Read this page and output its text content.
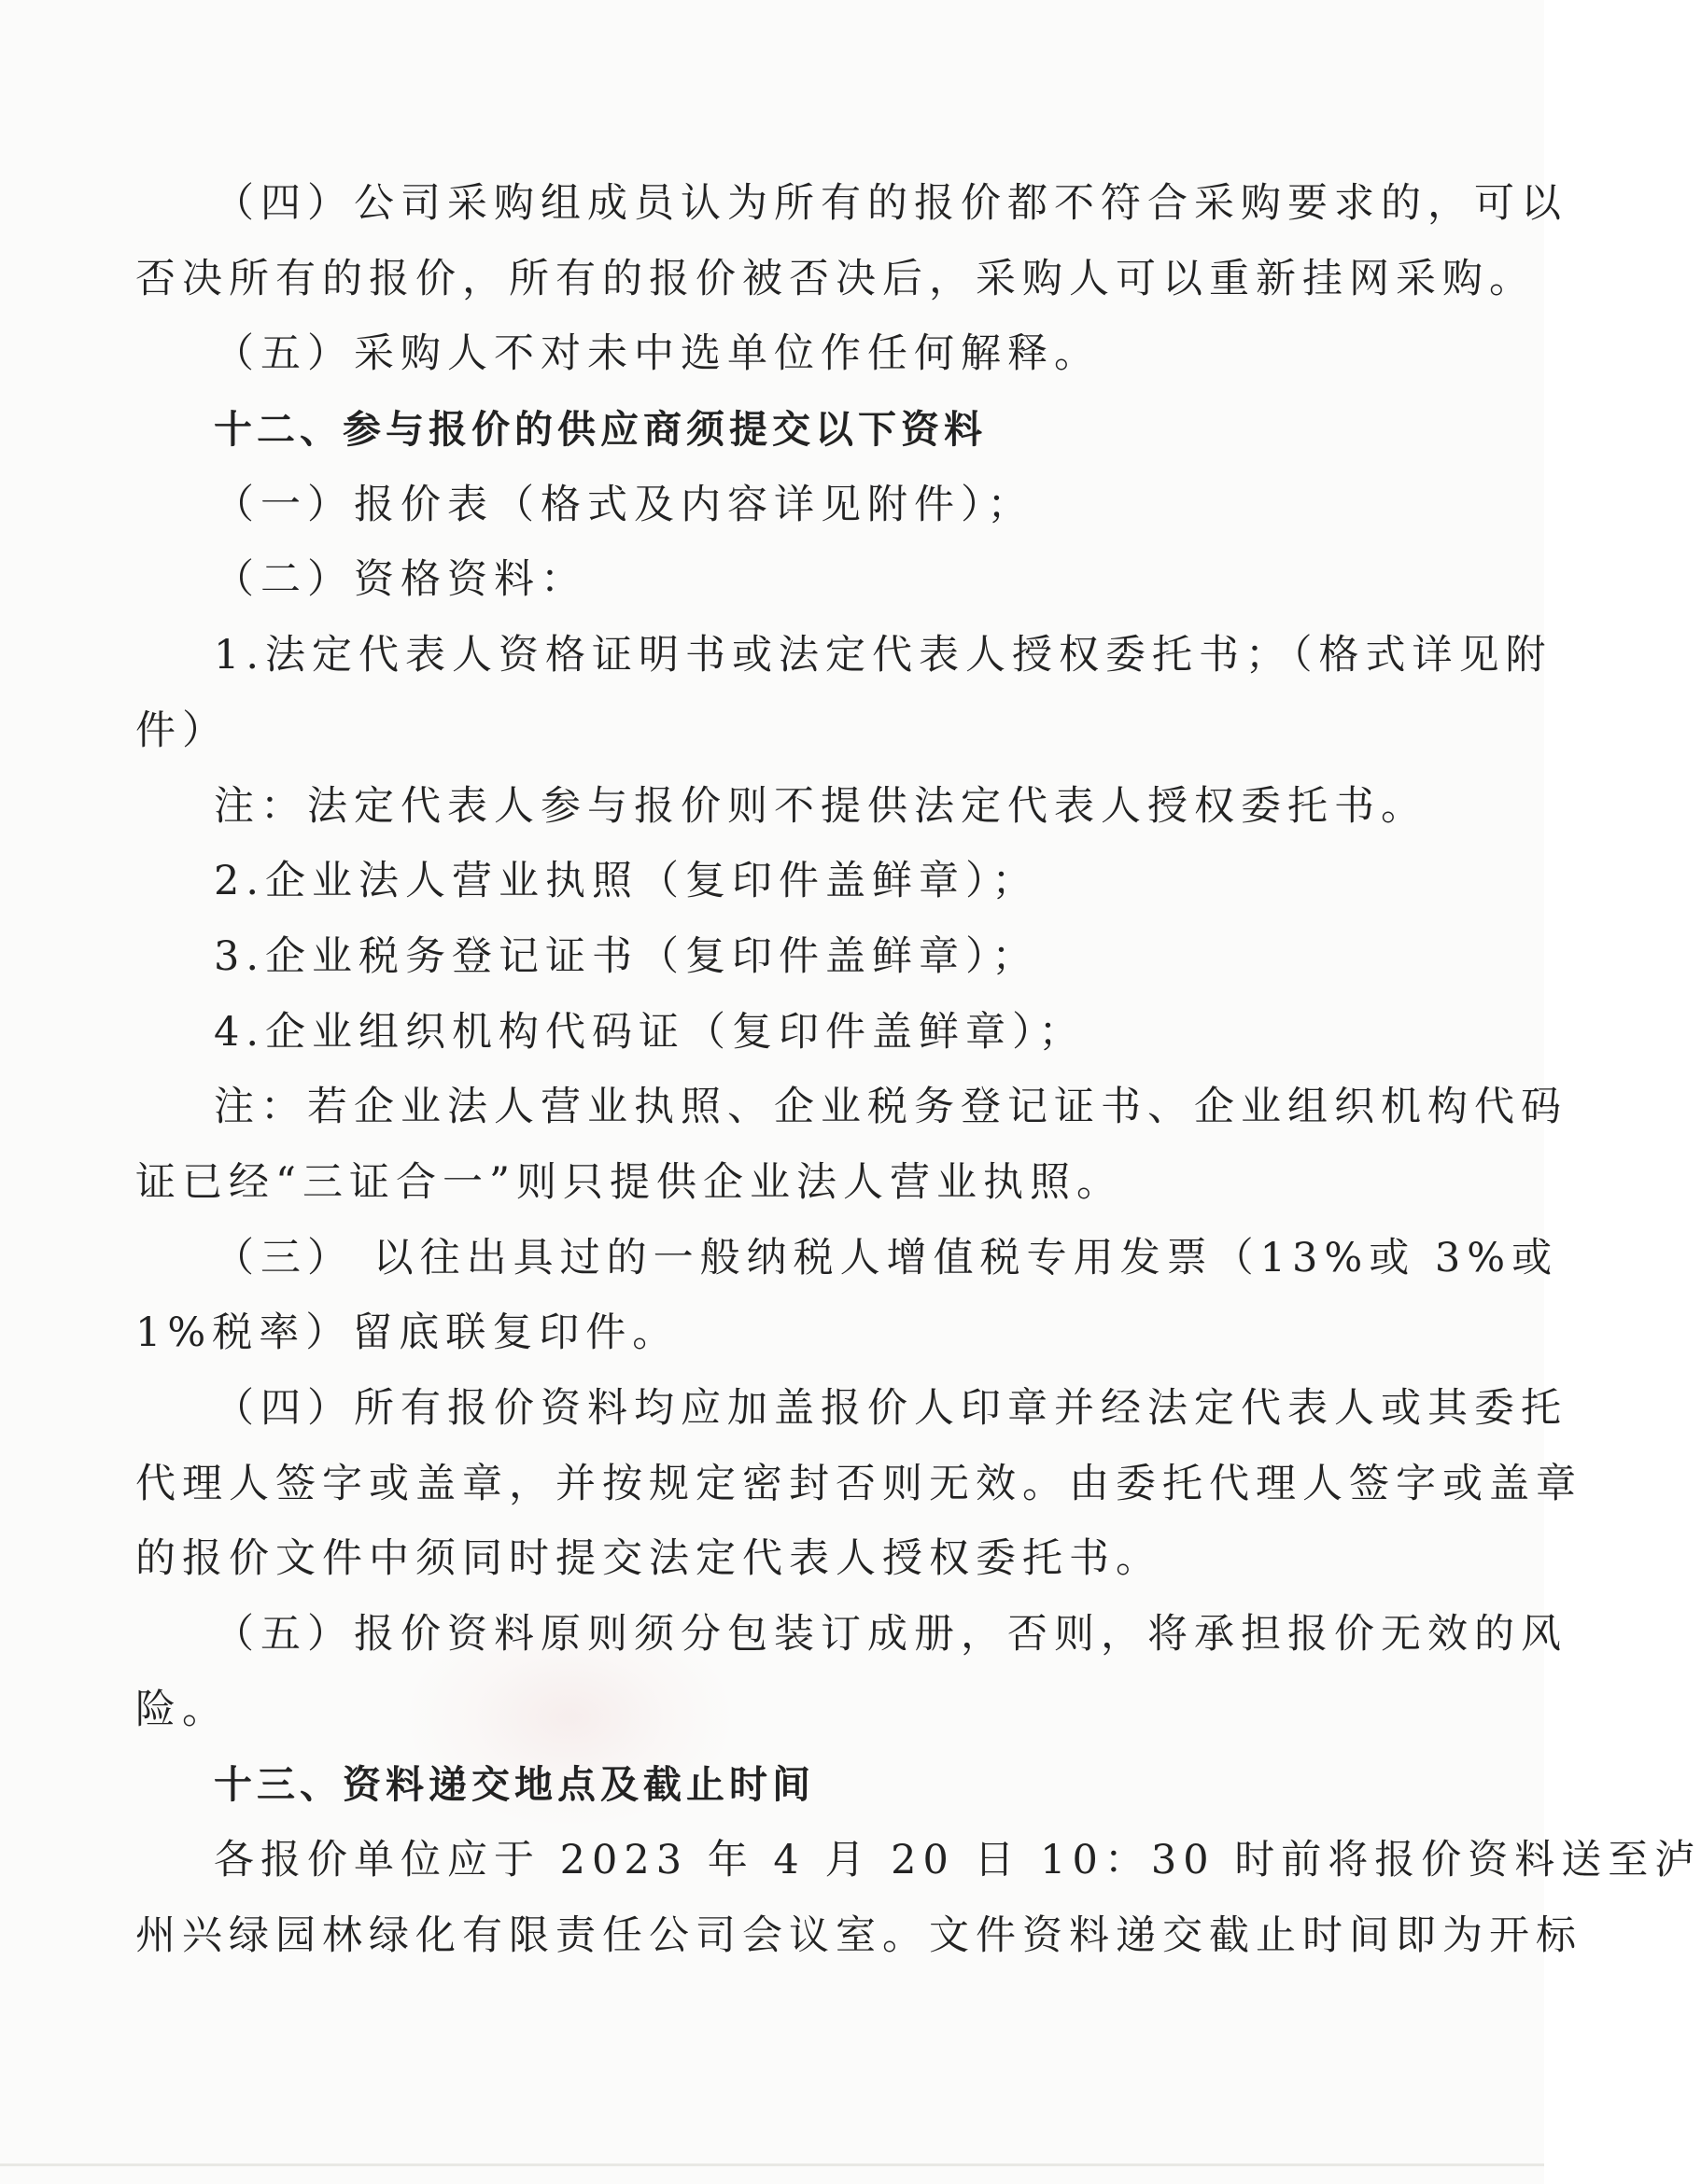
（四）公司采购组成员认为所有的报价都不符合采购要求的，可以
否决所有的报价，所有的报价被否决后，采购人可以重新挂网采购。
（五）采购人不对未中选单位作任何解释。
十二、参与报价的供应商须提交以下资料
（一）报价表（格式及内容详见附件）；
（二）资格资料：
1.法定代表人资格证明书或法定代表人授权委托书；（格式详见附
件）
注：法定代表人参与报价则不提供法定代表人授权委托书。
2.企业法人营业执照（复印件盖鲜章）；
3.企业税务登记证书（复印件盖鲜章）；
4.企业组织机构代码证（复印件盖鲜章）；
注：若企业法人营业执照、企业税务登记证书、企业组织机构代码
证已经“三证合一”则只提供企业法人营业执照。
（三） 以往出具过的一般纳税人增值税专用发票（13%或 3%或
1%税率）留底联复印件。
（四）所有报价资料均应加盖报价人印章并经法定代表人或其委托
代理人签字或盖章，并按规定密封否则无效。由委托代理人签字或盖章
的报价文件中须同时提交法定代表人授权委托书。
（五）报价资料原则须分包装订成册，否则，将承担报价无效的风
险。
十三、资料递交地点及截止时间
各报价单位应于 2023 年 4 月 20 日 10：30 时前将报价资料送至泸
州兴绿园林绿化有限责任公司会议室。文件资料递交截止时间即为开标
